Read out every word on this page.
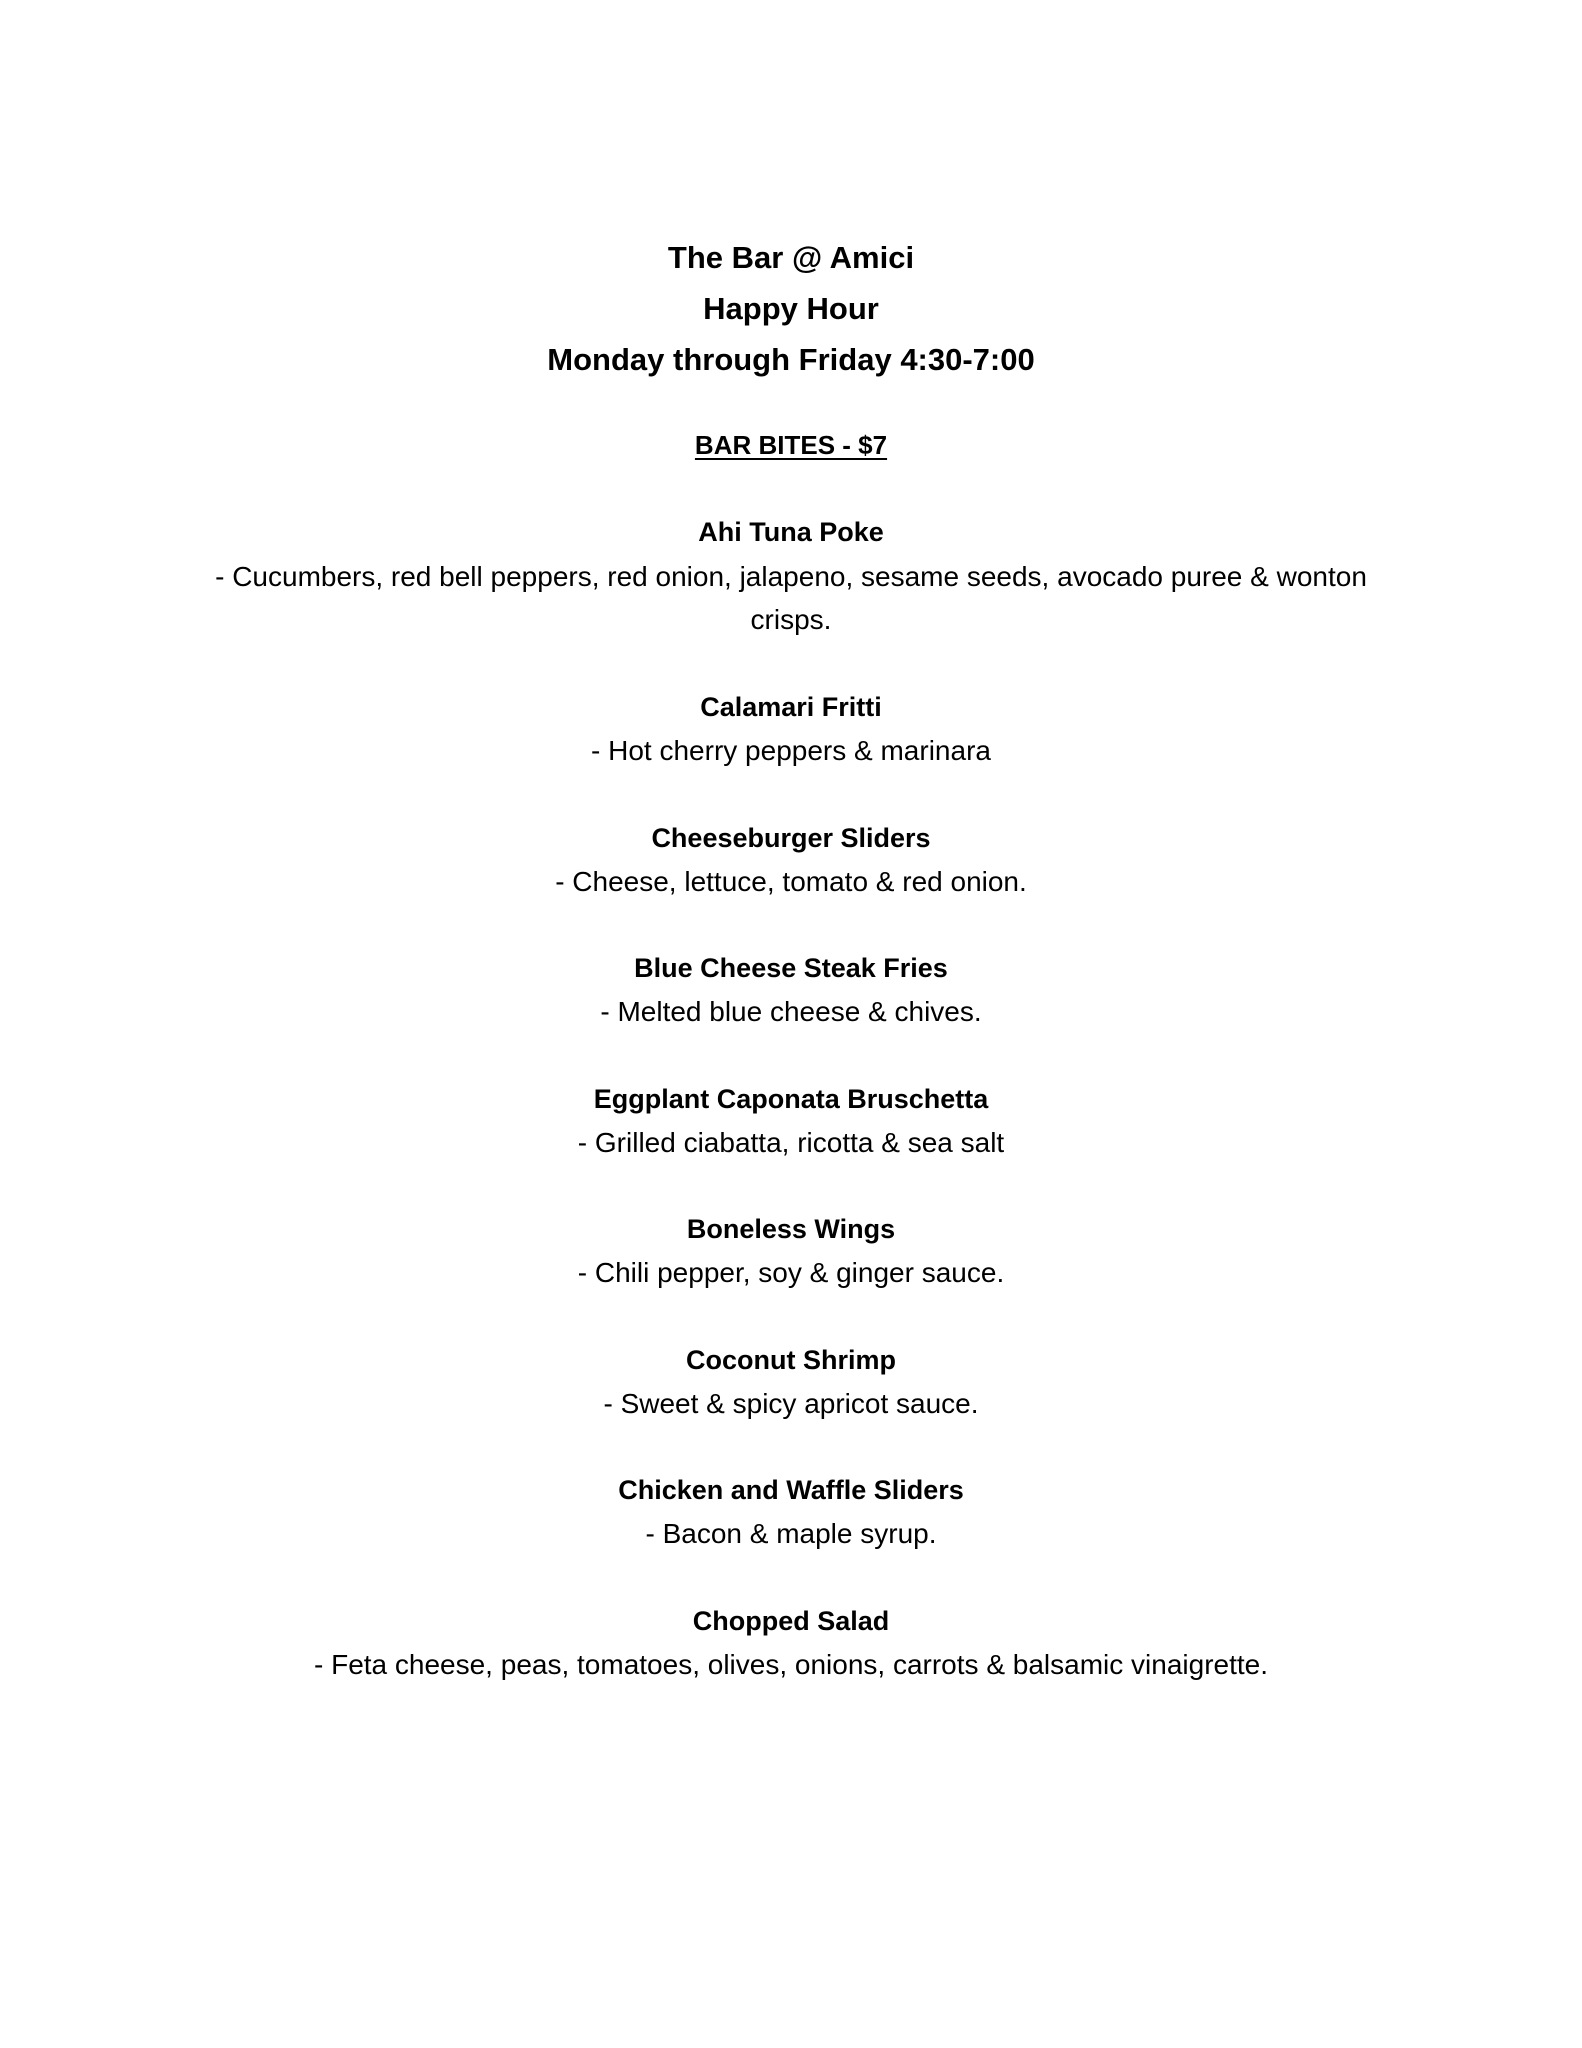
The Bar @ Amici
Happy Hour
Monday through Friday 4:30-7:00
BAR BITES - $7
Ahi Tuna Poke
- Cucumbers, red bell peppers, red onion, jalapeno, sesame seeds, avocado puree & wonton crisps.
Calamari Fritti
- Hot cherry peppers & marinara
Cheeseburger Sliders
- Cheese, lettuce, tomato & red onion.
Blue Cheese Steak Fries
- Melted blue cheese & chives.
Eggplant Caponata Bruschetta
- Grilled ciabatta, ricotta & sea salt
Boneless Wings
- Chili pepper, soy & ginger sauce.
Coconut Shrimp
- Sweet & spicy apricot sauce.
Chicken and Waffle Sliders
- Bacon & maple syrup.
Chopped Salad
- Feta cheese, peas, tomatoes, olives, onions, carrots & balsamic vinaigrette.
